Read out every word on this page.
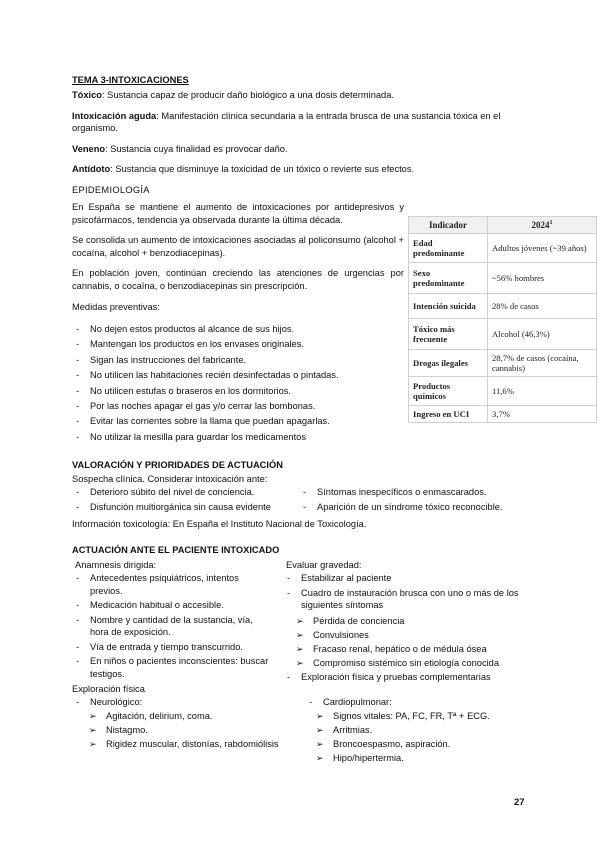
TEMA 3-INTOXICACIONES

Tóxico: Sustancia capaz de producir daño biológico a una dosis determinada.

Intoxicación aguda: Manifestación clínica secundaria a la entrada brusca de una sustancia tóxica en el organismo.

Veneno: Sustancia cuya finalidad es provocar daño.

Antídoto: Sustancia que disminuye la toxicidad de un tóxico o revierte sus efectos.

EPIDEMIOLOGÍA

En España se mantiene el aumento de intoxicaciones por antidepresivos y psicofármacos, tendencia ya observada durante la última década.

Se consolida un aumento de intoxicaciones asociadas al policonsumo (alcohol + cocaína, alcohol + benzodiacepinas).

En población joven, continúan creciendo las atenciones de urgencias por cannabis, o cocaína, o benzodiacepinas sin prescripción.

Medidas preventivas:

- No dejen estos productos al alcance de sus hijos.
- Mantengan los productos en los envases originales.
- Sigan las instrucciones del fabricante.
- No utilicen las habitaciones recién desinfectadas o pintadas.
- No utilicen estufas o braseros en los dormitorios.
- Por las noches apagar el gas y/o cerrar las bombonas.
- Evitar las corrientes sobre la llama que puedan apagarlas.
- No utilizar la mesilla para guardar los medicamentos
Indicador	2024$^1$
Edad predominante	Adultos jóvenes (~39 años)
Sexo predominante	~56% hombres
Intención suicida	28% de casos
Tóxico más frecuente	Alcohol (46,3%)
Drogas ilegales	28,7% de casos (cocaína, cannabis)
Productos químicos	11,6%
Ingreso en UCI	3,7%
VALORACIÓN Y PRIORIDADES DE ACTUACIÓN
Sospecha clínica. Considerar intoxicación ante:
- Deterioro súbito del nivel de conciencia.
- Disfunción multiorgánica sin causa evidente
- Síntomas inespecíficos o enmascarados.
- Aparición de un síndrome tóxico reconocible.
Información toxicología: En España el Instituto Nacional de Toxicología.
ACTUACIÓN ANTE EL PACIENTE INTOXICADO
Anamnesis dirigida:
- Antecedentes psiquiátricos, intentos previos.
- Medicación habitual o accesible.
- Nombre y cantidad de la sustancia, vía, hora de exposición.
- Vía de entrada y tiempo transcurrido.
- En niños o pacientes inconscientes: buscar testigos.
Evaluar gravedad:
- Estabilizar al paciente
- Cuadro de instauración brusca con uno o más de los siguientes síntomas
➢ Pérdida de conciencia
➢ Convulsiones
➢ Fracaso renal, hepático o de médula ósea
➢ Compromiso sistémico sin etiología conocida
- Exploración física y pruebas complementarias
Exploración física
- Neurológico:
➢ Agitación, delirium, coma.
➢ Nistagmo.
➢ Rigidez muscular, distonías, rabdomiólisis
- Cardiopulmonar:
➢ Signos vitales: PA, FC, FR, Tª + ECG.
➢ Arritmias.
➢ Broncoespasmo, aspiración.
➢ Hipo/hipertermia.
27
